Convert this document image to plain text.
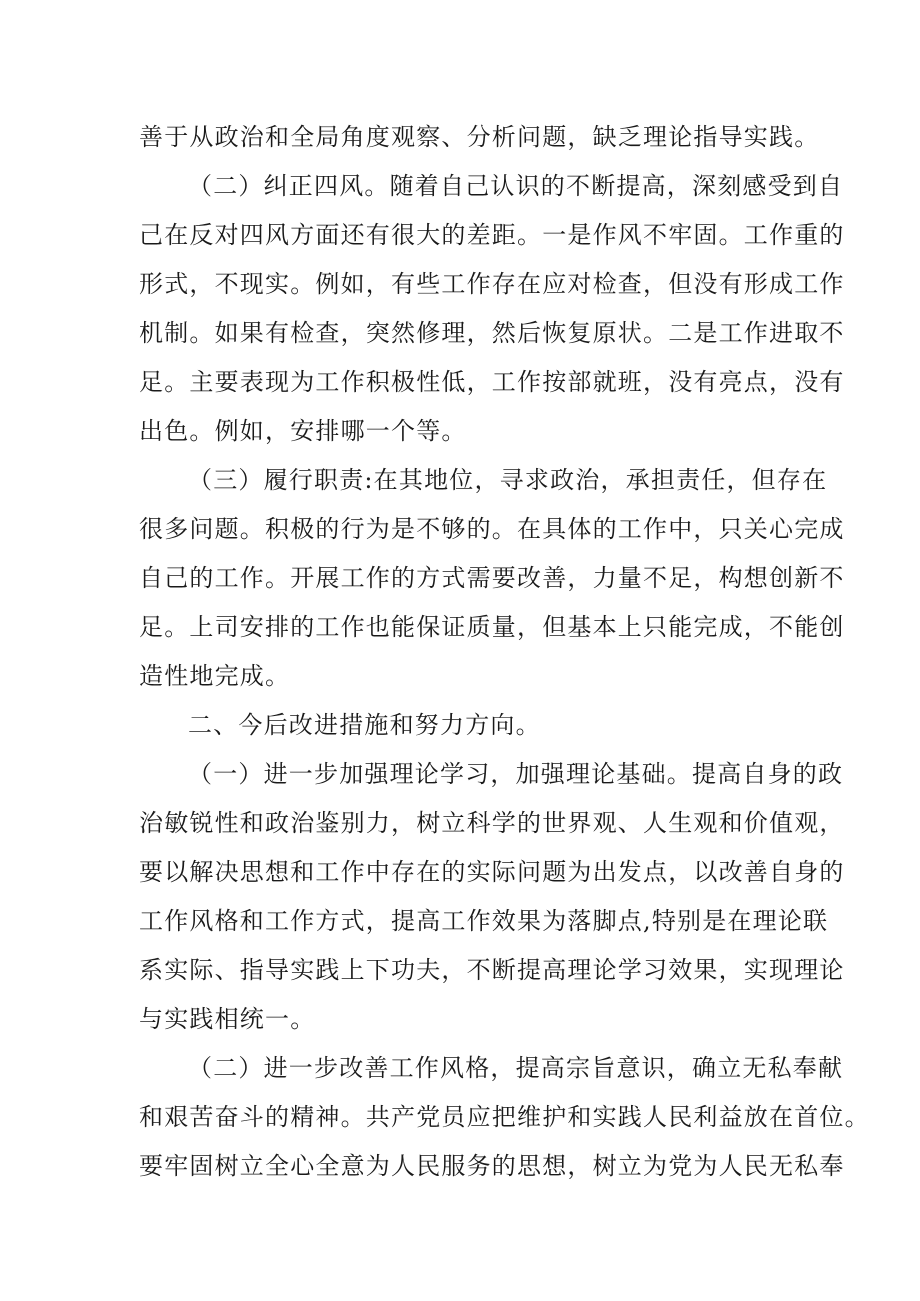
善于从政治和全局角度观察、分析问题，缺乏理论指导实践。
（二）纠正四风。随着自己认识的不断提高，深刻感受到自
己在反对四风方面还有很大的差距。一是作风不牢固。工作重的
形式，不现实。例如，有些工作存在应对检查，但没有形成工作
机制。如果有检查，突然修理，然后恢复原状。二是工作进取不
足。主要表现为工作积极性低，工作按部就班，没有亮点，没有
出色。例如，安排哪一个等。
（三）履行职责:在其地位，寻求政治，承担责任，但存在
很多问题。积极的行为是不够的。在具体的工作中，只关心完成
自己的工作。开展工作的方式需要改善，力量不足，构想创新不
足。上司安排的工作也能保证质量，但基本上只能完成，不能创
造性地完成。
二、今后改进措施和努力方向。
（一）进一步加强理论学习，加强理论基础。提高自身的政
治敏锐性和政治鉴别力，树立科学的世界观、人生观和价值观，
要以解决思想和工作中存在的实际问题为出发点，以改善自身的
工作风格和工作方式，提高工作效果为落脚点,特别是在理论联
系实际、指导实践上下功夫，不断提高理论学习效果，实现理论
与实践相统一。
（二）进一步改善工作风格，提高宗旨意识，确立无私奉献
和艰苦奋斗的精神。共产党员应把维护和实践人民利益放在首位。
要牢固树立全心全意为人民服务的思想，树立为党为人民无私奉
